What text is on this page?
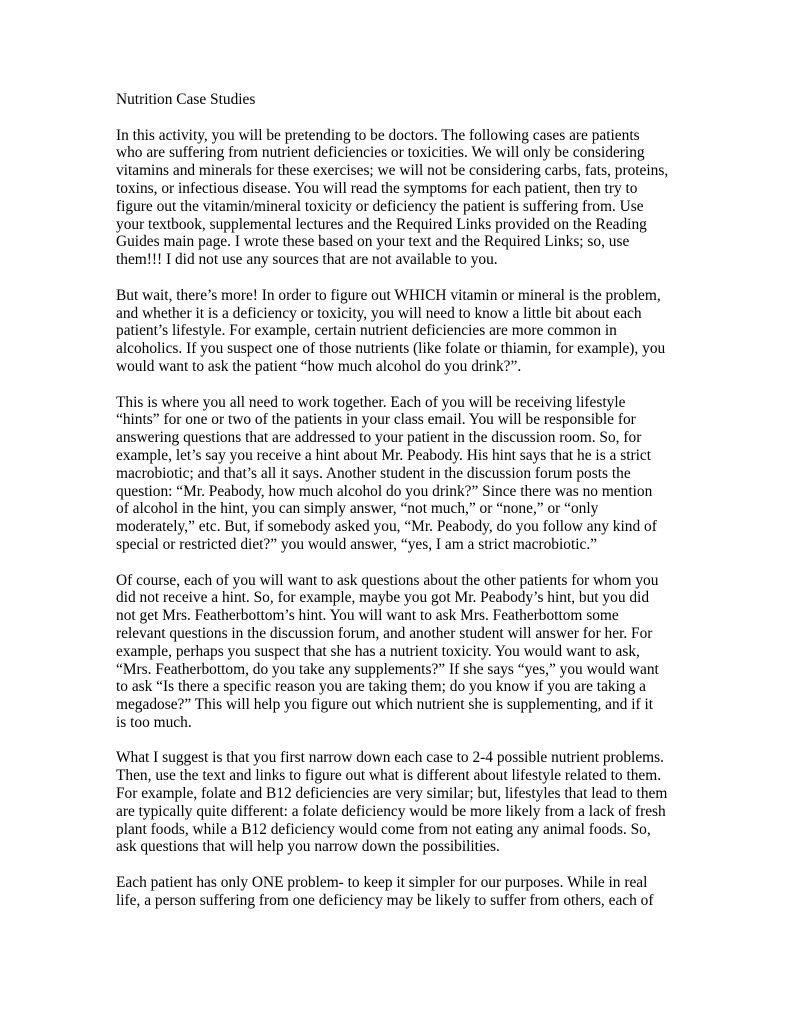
Nutrition Case Studies
In this activity, you will be pretending to be doctors. The following cases are patients
who are suffering from nutrient deficiencies or toxicities. We will only be considering
vitamins and minerals for these exercises; we will not be considering carbs, fats, proteins,
toxins, or infectious disease. You will read the symptoms for each patient, then try to
figure out the vitamin/mineral toxicity or deficiency the patient is suffering from. Use
your textbook, supplemental lectures and the Required Links provided on the Reading
Guides main page. I wrote these based on your text and the Required Links; so, use
them!!! I did not use any sources that are not available to you.
But wait, there’s more! In order to figure out WHICH vitamin or mineral is the problem,
and whether it is a deficiency or toxicity, you will need to know a little bit about each
patient’s lifestyle. For example, certain nutrient deficiencies are more common in
alcoholics. If you suspect one of those nutrients (like folate or thiamin, for example), you
would want to ask the patient “how much alcohol do you drink?”.
This is where you all need to work together. Each of you will be receiving lifestyle
“hints” for one or two of the patients in your class email. You will be responsible for
answering questions that are addressed to your patient in the discussion room. So, for
example, let’s say you receive a hint about Mr. Peabody. His hint says that he is a strict
macrobiotic; and that’s all it says. Another student in the discussion forum posts the
question: “Mr. Peabody, how much alcohol do you drink?” Since there was no mention
of alcohol in the hint, you can simply answer, “not much,” or “none,” or “only
moderately,” etc. But, if somebody asked you, “Mr. Peabody, do you follow any kind of
special or restricted diet?” you would answer, “yes, I am a strict macrobiotic.”
Of course, each of you will want to ask questions about the other patients for whom you
did not receive a hint. So, for example, maybe you got Mr. Peabody’s hint, but you did
not get Mrs. Featherbottom’s hint. You will want to ask Mrs. Featherbottom some
relevant questions in the discussion forum, and another student will answer for her. For
example, perhaps you suspect that she has a nutrient toxicity. You would want to ask,
“Mrs. Featherbottom, do you take any supplements?” If she says “yes,” you would want
to ask “Is there a specific reason you are taking them; do you know if you are taking a
megadose?” This will help you figure out which nutrient she is supplementing, and if it
is too much.
What I suggest is that you first narrow down each case to 2-4 possible nutrient problems.
Then, use the text and links to figure out what is different about lifestyle related to them.
For example, folate and B12 deficiencies are very similar; but, lifestyles that lead to them
are typically quite different: a folate deficiency would be more likely from a lack of fresh
plant foods, while a B12 deficiency would come from not eating any animal foods. So,
ask questions that will help you narrow down the possibilities.
Each patient has only ONE problem- to keep it simpler for our purposes. While in real
life, a person suffering from one deficiency may be likely to suffer from others, each of
